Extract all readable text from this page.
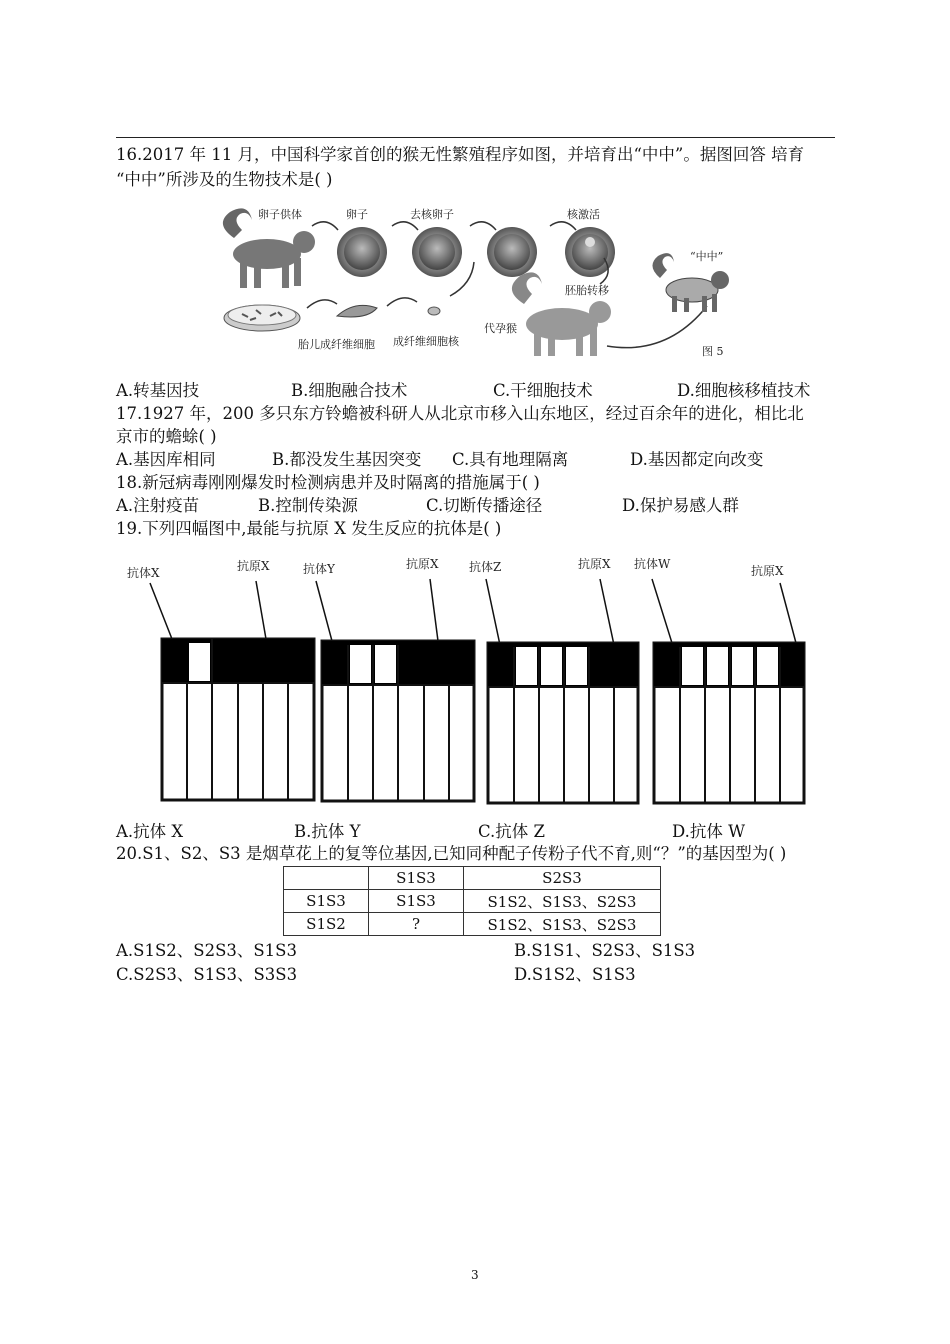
16.2017 年 11 月，中国科学家首创的猴无性繁殖程序如图，并培育出“中中”。据图回答 培育
“中中”所涉及的生物技术是( )
卵子供体	卵子	去核卵子	核激活
“中中”
胚胎转移
代孕猴
胎儿成纤维细胞 成纤维细胞核
图 5
A.转基因技	B.细胞融合技术	C.干细胞技术	D.细胞核移植技术
17.1927 年，200 多只东方铃蟾被科研人从北京市移入山东地区，经过百余年的进化，相比北
京市的蟾蜍( )
A.基因库相同	B.都没发生基因突变 C.具有地理隔离	D.基因都定向改变
18.新冠病毒刚刚爆发时检测病患并及时隔离的措施属于( )
A.注射疫苗	B.控制传染源	C.切断传播途径	D.保护易感人群
19.下列四幅图中,最能与抗原 X 发生反应的抗体是( )
抗体X	抗原X	抗体Y	抗原X	抗体Z	抗原X 抗体W	抗原X
A.抗体 X	B.抗体 Y	C.抗体 Z	D.抗体 W
20.S1、S2、S3 是烟草花上的复等位基因,已知同种配子传粉子代不育,则“？”的基因型为( )
	S1S3	S2S3
S1S3	S1S3	S1S2、S1S3、S2S3
S1S2	?	S1S2、S1S3、S2S3
A.S1S2、S2S3、S1S3	B.S1S1、S2S3、S1S3
C.S2S3、S1S3、S3S3	D.S1S2、S1S3
3
